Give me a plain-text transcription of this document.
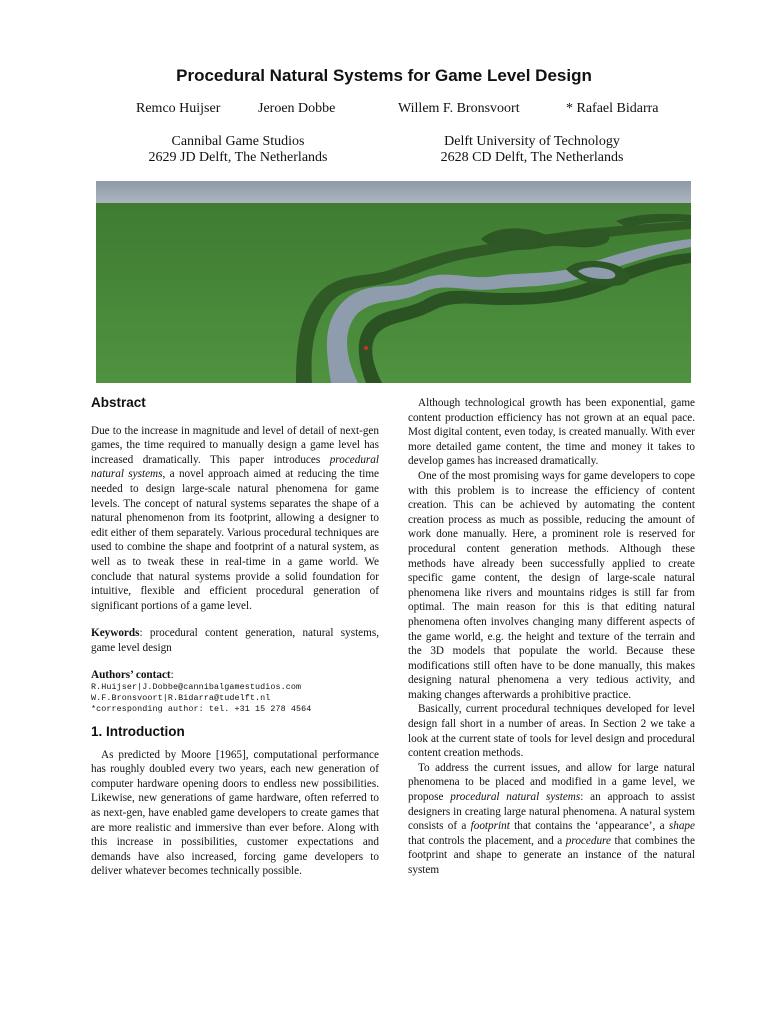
Procedural Natural Systems for Game Level Design
Remco Huijser	Jeroen Dobbe	Willem F. Bronsvoort	* Rafael Bidarra
Cannibal Game Studios
2629 JD Delft, The Netherlands
Delft University of Technology
2628 CD Delft, The Netherlands

Abstract

Due to the increase in magnitude and level of detail of next-gen games, the time required to manually design a game level has increased dramatically. This paper introduces procedural natural systems, a novel approach aimed at reducing the time needed to design large-scale natural phenomena for game levels. The concept of natural systems separates the shape of a natural phenomenon from its footprint, allowing a designer to edit either of them separately. Various procedural techniques are used to combine the shape and footprint of a natural system, as well as to tweak these in real-time in a game world. We conclude that natural systems provide a solid foundation for intuitive, flexible and efficient procedural generation of significant portions of a game level.

Keywords: procedural content generation, natural systems, game level design

Authors’ contact:

R.Huijser|J.Dobbe@cannibalgamestudios.com
W.F.Bronsvoort|R.Bidarra@tudelft.nl
*corresponding author: tel. +31 15 278 4564

1. Introduction

As predicted by Moore [1965], computational performance has roughly doubled every two years, each new generation of computer hardware opening doors to endless new possibilities. Likewise, new generations of game hardware, often referred to as next-gen, have enabled game developers to create games that are more realistic and immersive than ever before. Along with this increase in possibilities, customer expectations and demands have also increased, forcing game developers to deliver whatever becomes technically possible.

Although technological growth has been exponential, game content production efficiency has not grown at an equal pace. Most digital content, even today, is created manually. With ever more detailed game content, the time and money it takes to develop games has increased dramatically.

One of the most promising ways for game developers to cope with this problem is to increase the efficiency of content creation. This can be achieved by automating the content creation process as much as possible, reducing the amount of work done manually. Here, a prominent role is reserved for procedural content generation methods. Although these methods have already been successfully applied to create specific game content, the design of large-scale natural phenomena like rivers and mountains ridges is still far from optimal. The main reason for this is that editing natural phenomena often involves changing many different aspects of the game world, e.g. the height and texture of the terrain and the 3D models that populate the world. Because these modifications still often have to be done manually, this makes designing natural phenomena a very tedious activity, and making changes afterwards a prohibitive practice.

Basically, current procedural techniques developed for level design fall short in a number of areas. In Section 2 we take a look at the current state of tools for level design and procedural content creation methods.

To address the current issues, and allow for large natural phenomena to be placed and modified in a game level, we propose procedural natural systems: an approach to assist designers in creating large natural phenomena. A natural system consists of a footprint that contains the ‘appearance’, a shape that controls the placement, and a procedure that combines the footprint and shape to generate an instance of the natural system
